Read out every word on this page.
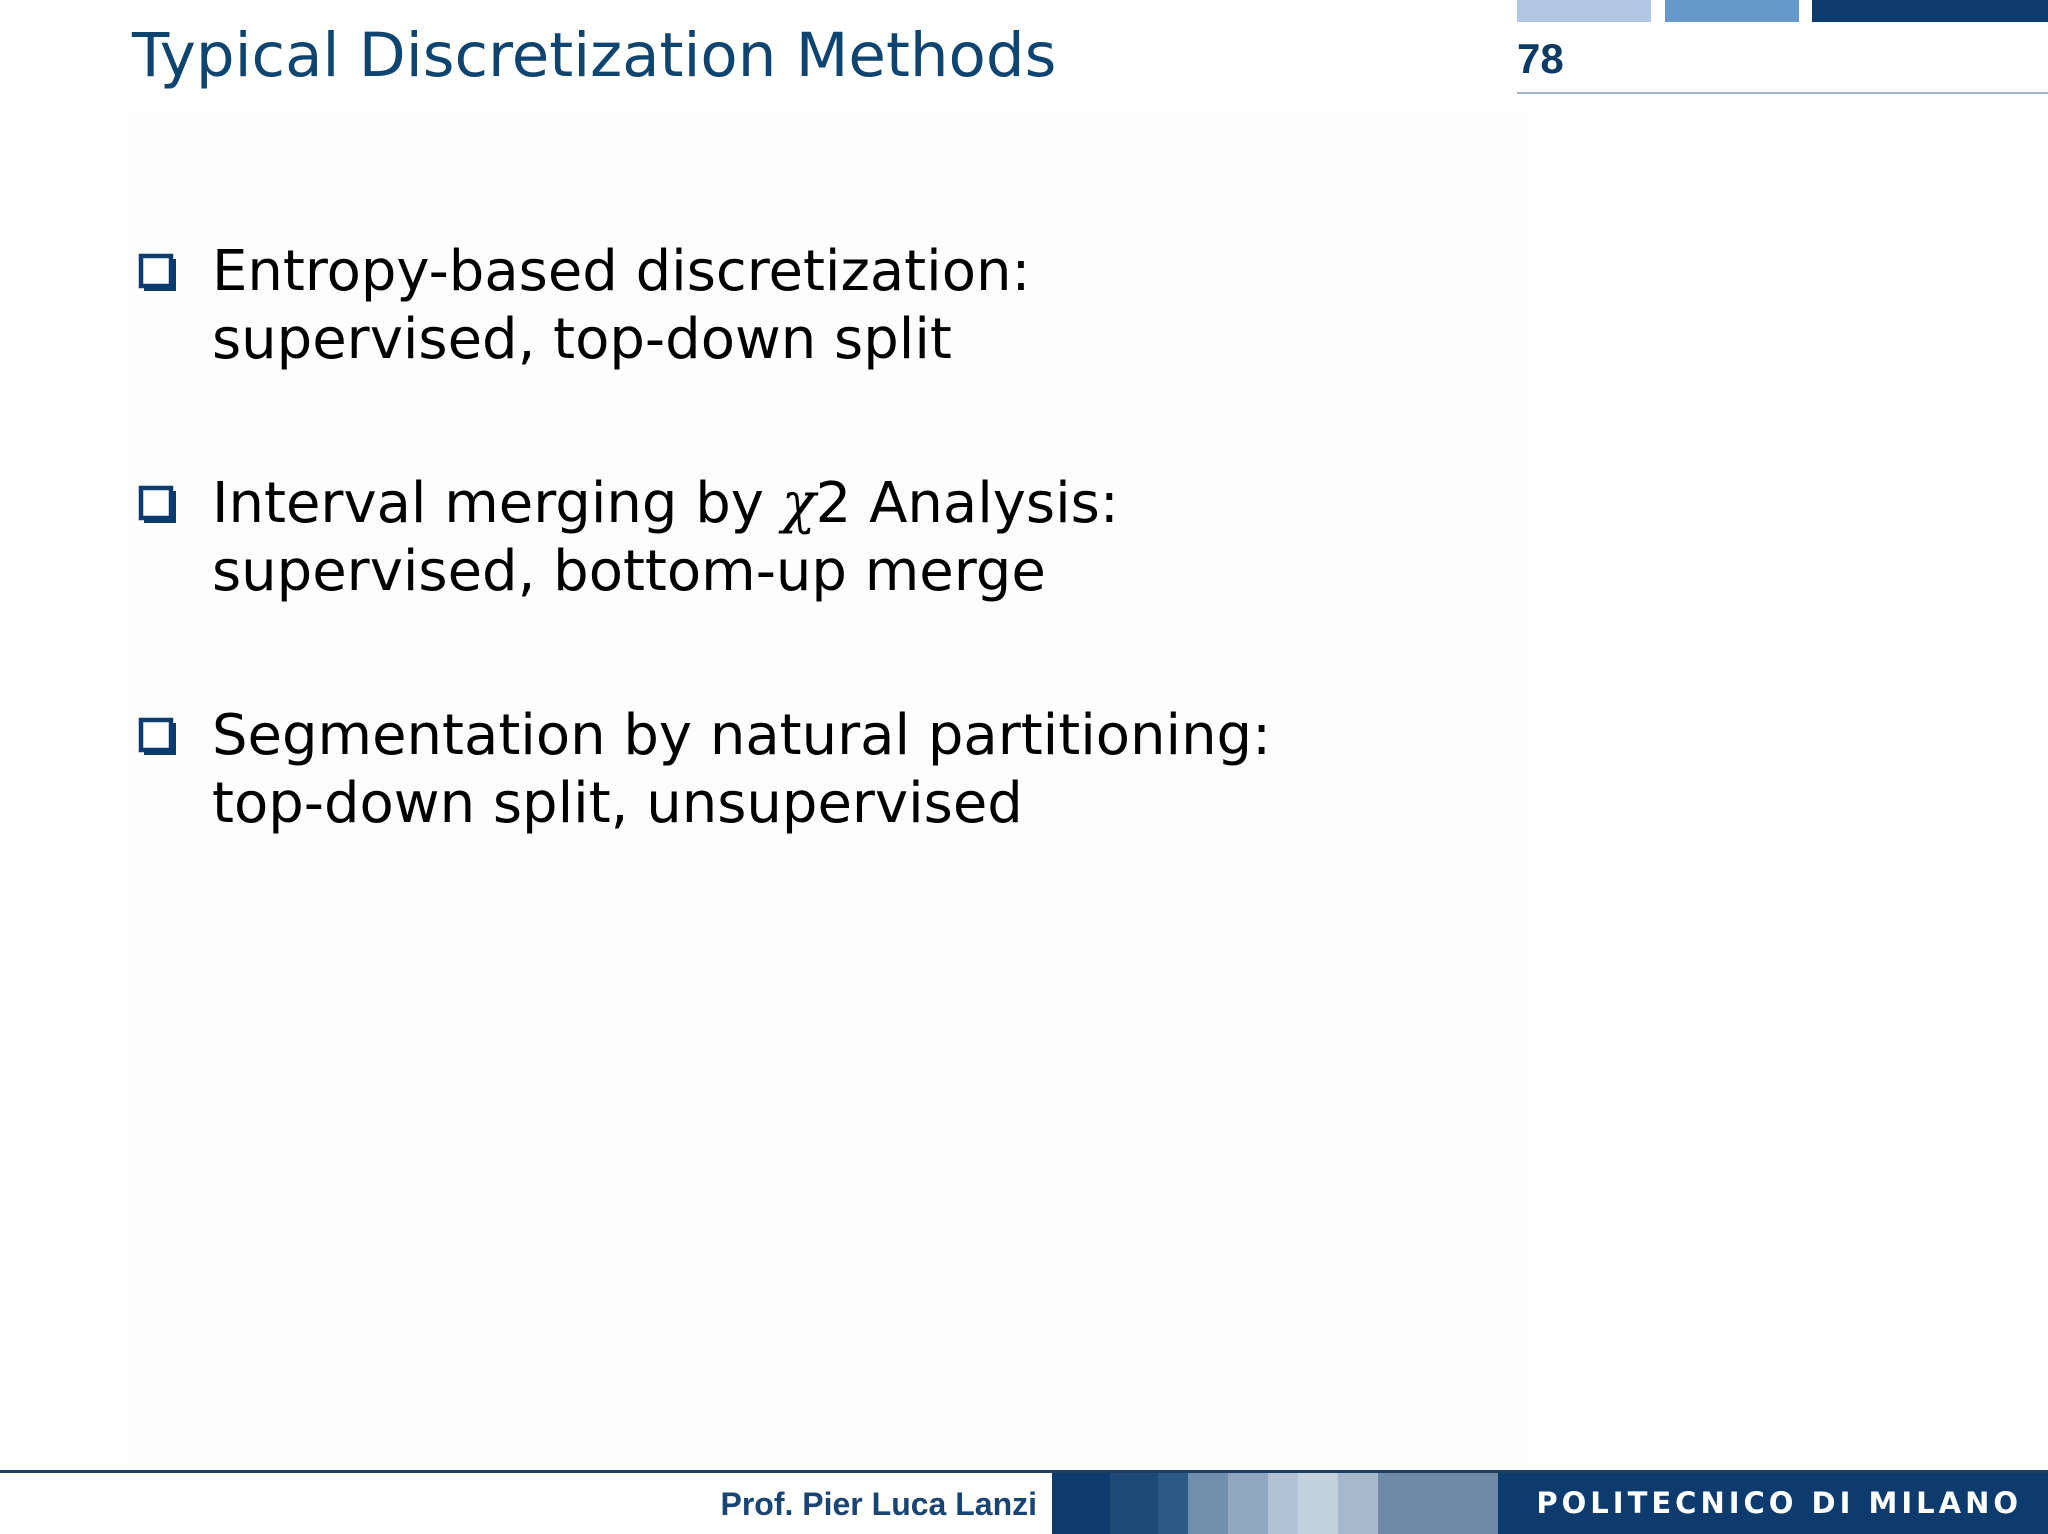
Typical Discretization Methods	78
Entropy-based discretization:
supervised, top-down split
Interval merging by χ2 Analysis:
supervised, bottom-up merge
Segmentation by natural partitioning:
top-down split, unsupervised
Prof. Pier Luca Lanzi	POLITECNICO DI MILANO
